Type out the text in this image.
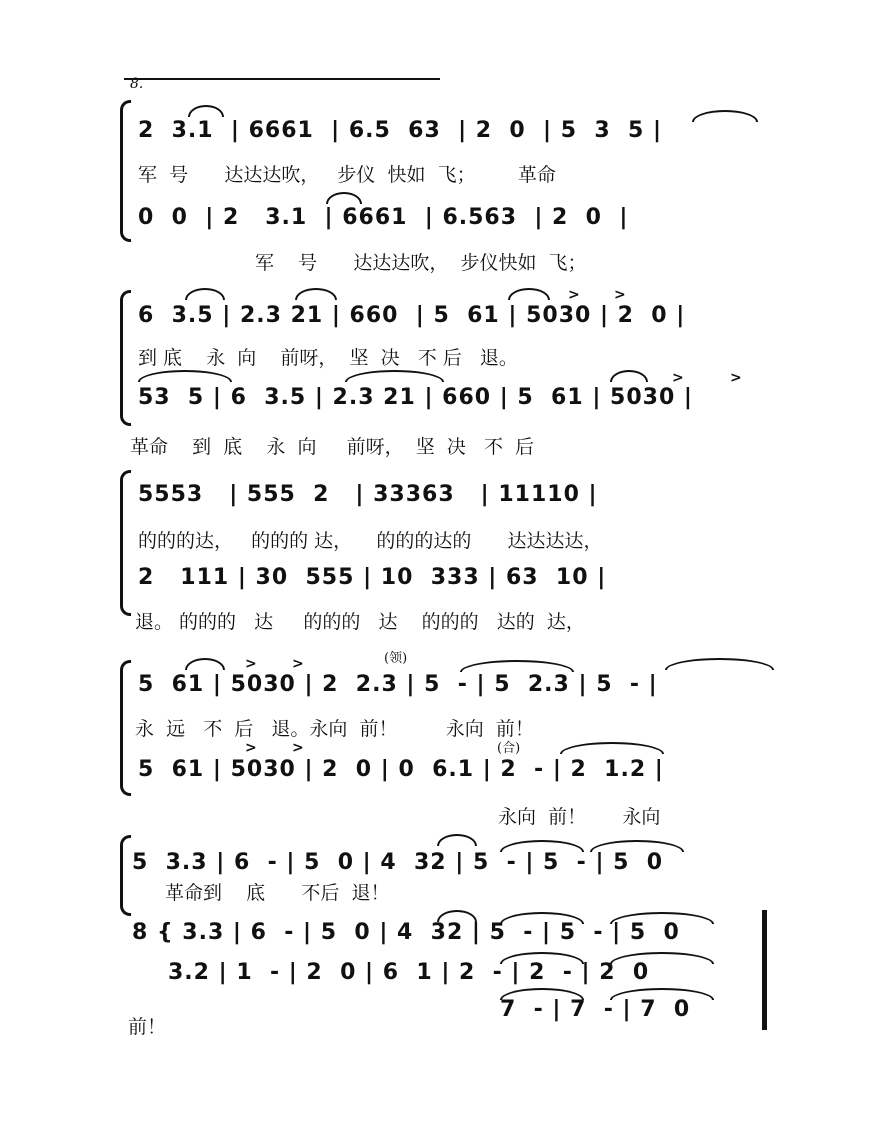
8.
2  3.1  | 6661  | 6.5  63  | 2  0  | 5  3  5 |
军  号      达达达吹，   步仪  快如  飞；       革命
0  0  | 2   3.1  | 6661  | 6.563  | 2  0  |
军    号      达达达吹，  步仪快如  飞；
6  3.5 | 2.3 21 | 660  | 5  61 | 5030 | 2  0 |
到 底    永  向    前呀，  坚  决   不 后   退。
53  5 | 6  3.5 | 2.3 21 | 660 | 5  61 | 5030 |
革命    到  底    永  向     前呀，  坚  决   不  后
> >
>	>
5553   | 555  2   | 33363   | 11110 |
的的的达，   的的的 达，    的的的达的      达达达达，
2   111 | 30  555 | 10  333 | 63  10 |
退。 的的的   达     的的的   达    的的的   达的  达，
(领)
5  61 | 5030 | 2  2.3 | 5  - | 5  2.3 | 5  - |
永  远   不  后   退。永向  前！        永向  前！
(合)
5  61 | 5030 | 2  0 | 0  6.1 | 2  - | 2  1.2 |
永向  前！      永向
>	>
>	>
5  3.3 | 6  - | 5  0 | 4  32 | 5  - | 5  - | 5  0
革命到    底      不后  退！
8 { 3.3 | 6  - | 5  0 | 4  32 | 5  - | 5  - | 5  0
3.2 | 1  - | 2  0 | 6  1 | 2  - | 2  - | 2  0
7  - | 7  - | 7  0
前！
